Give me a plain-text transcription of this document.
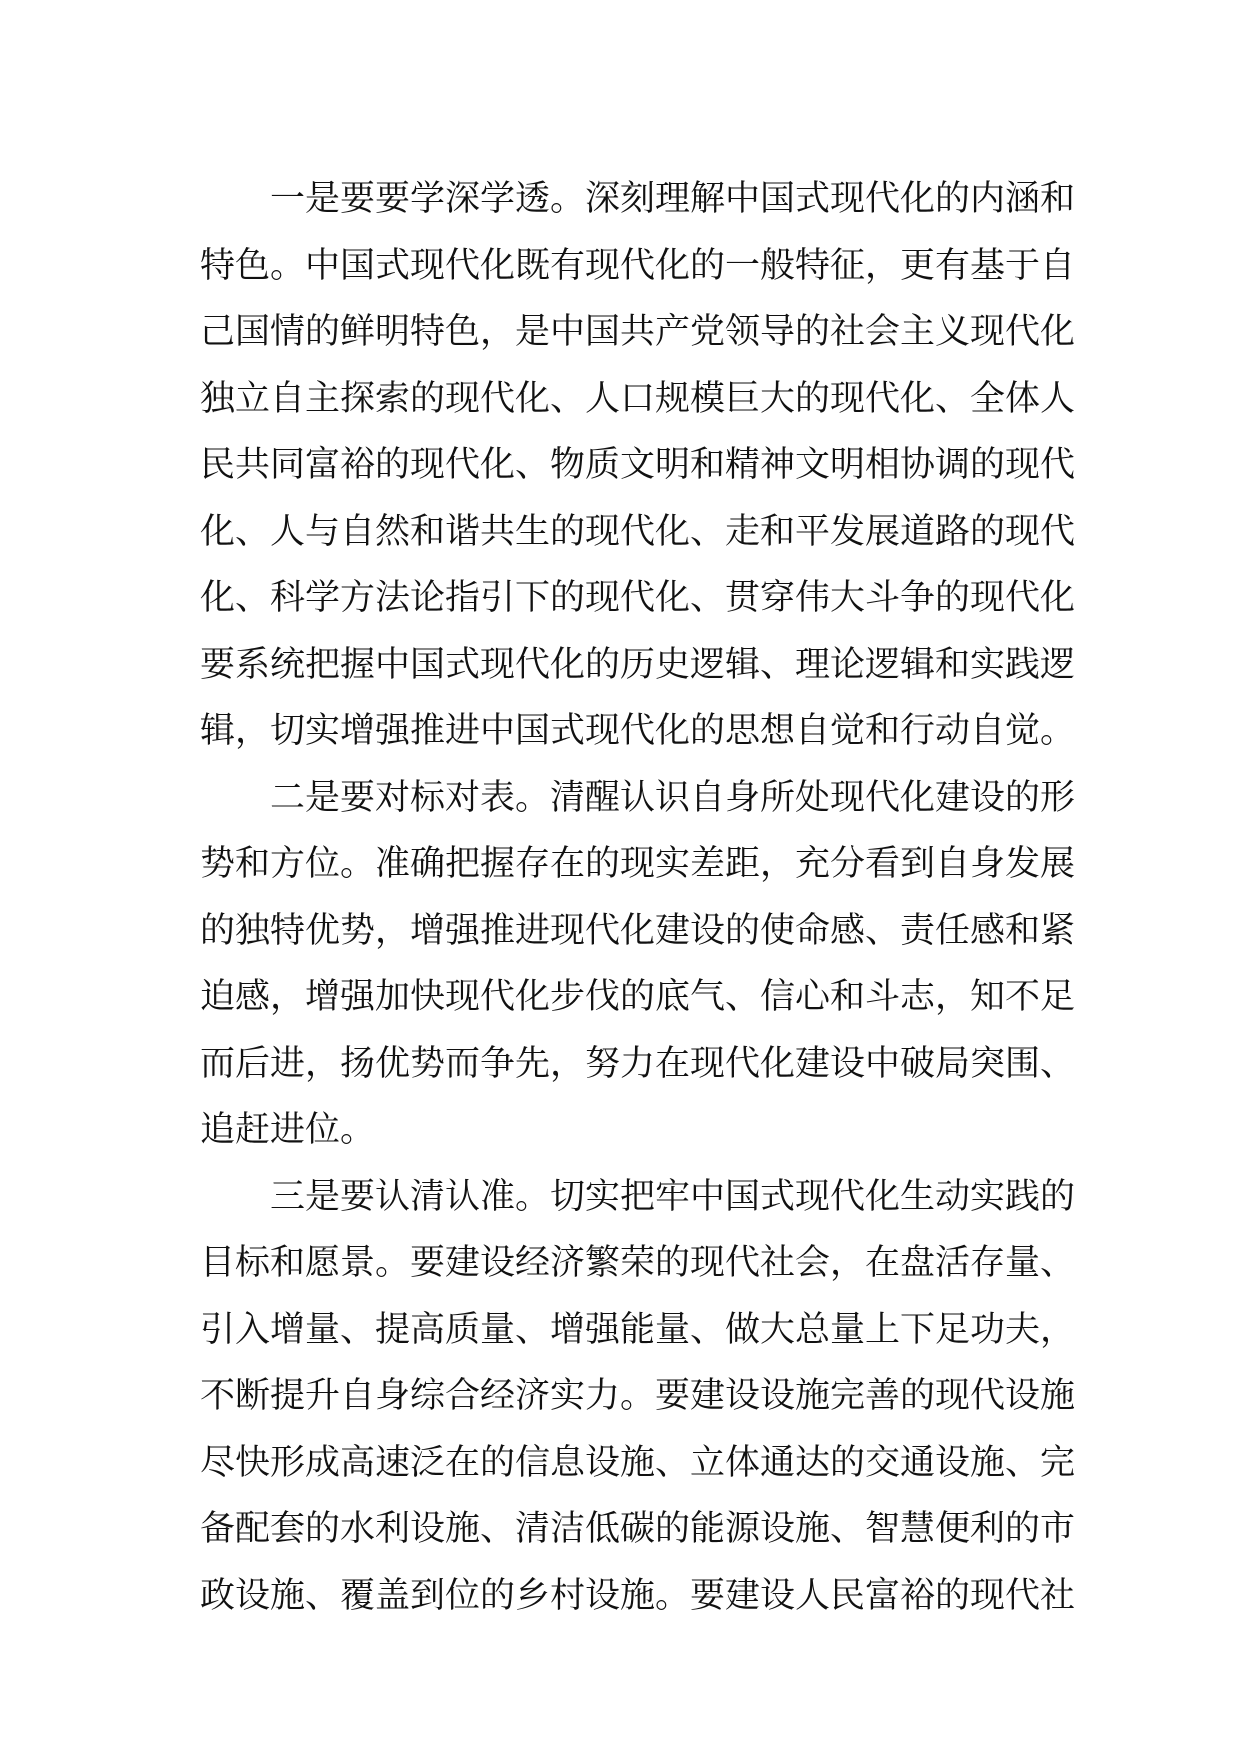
一是要要学深学透。深刻理解中国式现代化的内涵和
特色。中国式现代化既有现代化的一般特征，更有基于自
己国情的鲜明特色，是中国共产党领导的社会主义现代化
独立自主探索的现代化、人口规模巨大的现代化、全体人
民共同富裕的现代化、物质文明和精神文明相协调的现代
化、人与自然和谐共生的现代化、走和平发展道路的现代
化、科学方法论指引下的现代化、贯穿伟大斗争的现代化
要系统把握中国式现代化的历史逻辑、理论逻辑和实践逻
辑，切实增强推进中国式现代化的思想自觉和行动自觉。

二是要对标对表。清醒认识自身所处现代化建设的形
势和方位。准确把握存在的现实差距，充分看到自身发展
的独特优势，增强推进现代化建设的使命感、责任感和紧
迫感，增强加快现代化步伐的底气、信心和斗志，知不足
而后进，扬优势而争先，努力在现代化建设中破局突围、
追赶进位。

三是要认清认准。切实把牢中国式现代化生动实践的
目标和愿景。要建设经济繁荣的现代社会，在盘活存量、
引入增量、提高质量、增强能量、做大总量上下足功夫，
不断提升自身综合经济实力。要建设设施完善的现代设施
尽快形成高速泛在的信息设施、立体通达的交通设施、完
备配套的水利设施、清洁低碳的能源设施、智慧便利的市
政设施、覆盖到位的乡村设施。要建设人民富裕的现代社
